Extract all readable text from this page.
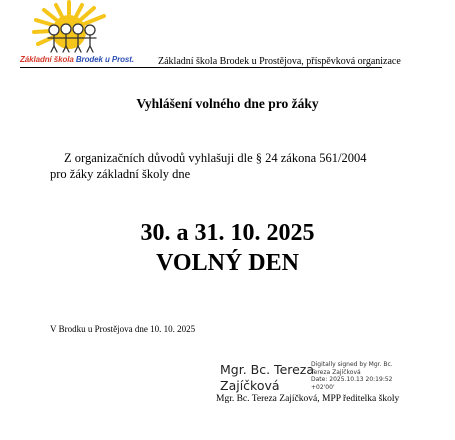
Základní škola Brodek u Prost. Základní škola Brodek u Prostějova, příspěvková organizace
Vyhlášení volného dne pro žáky
Z organizačních důvodů vyhlašuji dle § 24 zákona 561/2004
pro žáky základní školy dne
30. a 31. 10. 2025
VOLNÝ DEN
V Brodku u Prostějova dne 10. 10. 2025
Mgr. Bc. Tereza
Zajíčková
Digitally signed by Mgr. Bc.
Tereza Zajíčková
Date: 2025.10.13 20:19:52
+02'00'
Mgr. Bc. Tereza Zajíčková, MPP ředitelka školy
